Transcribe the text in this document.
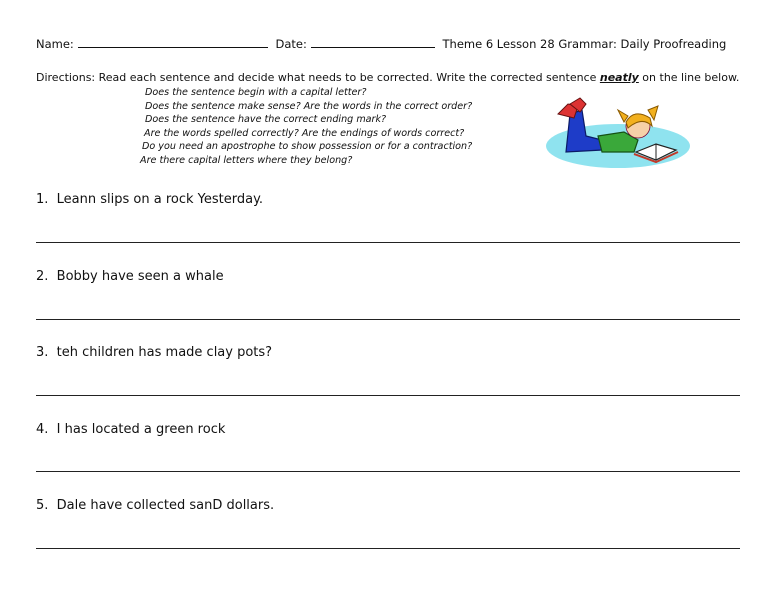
Name:	Date:	Theme 6 Lesson 28 Grammar: Daily Proofreading
Directions: Read each sentence and decide what needs to be corrected. Write the corrected sentence neatly on the line below.
Does the sentence begin with a capital letter?
Does the sentence make sense? Are the words in the correct order?
Does the sentence have the correct ending mark?
Are the words spelled correctly? Are the endings of words correct?
Do you need an apostrophe to show possession or for a contraction?
Are there capital letters where they belong?
1. Leann slips on a rock Yesterday.
2. Bobby have seen a whale
3. teh children has made clay pots?
4. I has located a green rock
5. Dale have collected sanD dollars.
